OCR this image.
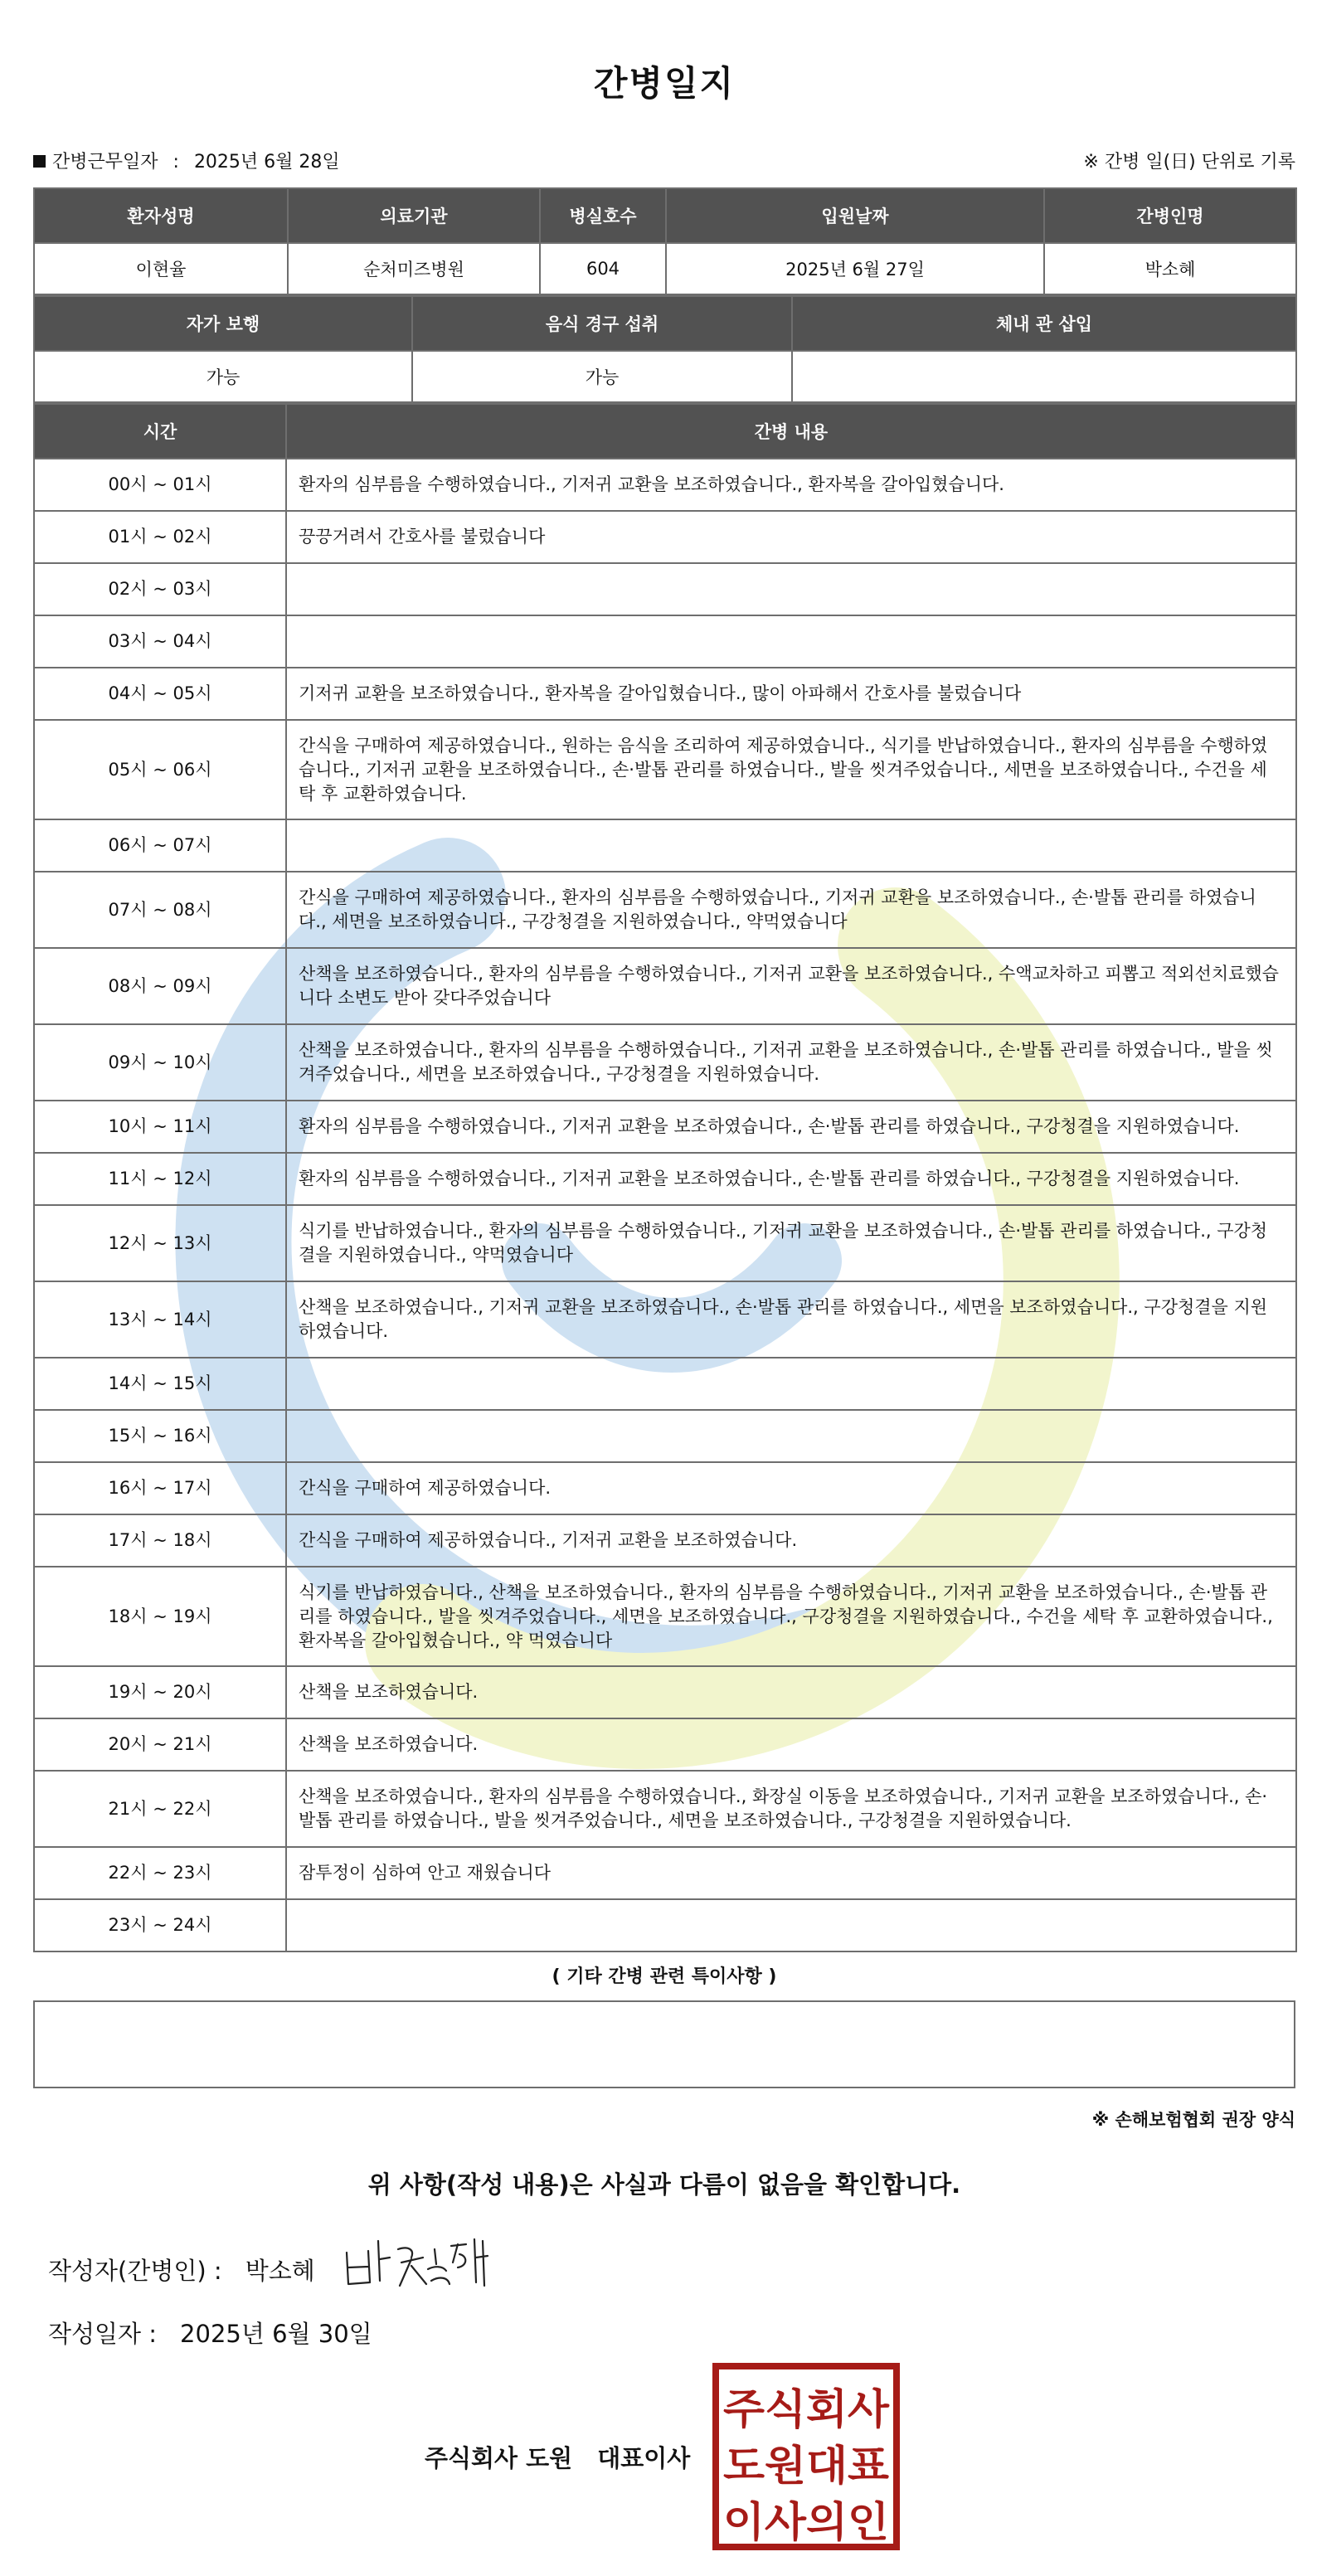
간병일지
간병근무일자 : 2025년 6월 28일	※ 간병 일(日) 단위로 기록
환자성명	의료기관	병실호수	입원날짜	간병인명
이현율	순처미즈병원	604	2025년 6월 27일	박소혜
자가 보행	음식 경구 섭취	체내 관 삽입
가능	가능	
시간	간병 내용
00시 ~ 01시	환자의 심부름을 수행하였습니다., 기저귀 교환을 보조하였습니다., 환자복을 갈아입혔습니다.
01시 ~ 02시	끙끙거려서 간호사를 불렀습니다
02시 ~ 03시	
03시 ~ 04시	
04시 ~ 05시	기저귀 교환을 보조하였습니다., 환자복을 갈아입혔습니다., 많이 아파해서 간호사를 불렀습니다
05시 ~ 06시	간식을 구매하여 제공하였습니다., 원하는 음식을 조리하여 제공하였습니다., 식기를 반납하였습니다., 환자의 심부름을 수행하였습니다., 기저귀 교환을 보조하였습니다., 손·발톱 관리를 하였습니다., 발을 씻겨주었습니다., 세면을 보조하였습니다., 수건을 세탁 후 교환하였습니다.
06시 ~ 07시	
07시 ~ 08시	간식을 구매하여 제공하였습니다., 환자의 심부름을 수행하였습니다., 기저귀 교환을 보조하였습니다., 손·발톱 관리를 하였습니다., 세면을 보조하였습니다., 구강청결을 지원하였습니다., 약먹였습니다
08시 ~ 09시	산책을 보조하였습니다., 환자의 심부름을 수행하였습니다., 기저귀 교환을 보조하였습니다., 수액교차하고 피뽑고 적외선치료했습니다 소변도 받아 갖다주었습니다
09시 ~ 10시	산책을 보조하였습니다., 환자의 심부름을 수행하였습니다., 기저귀 교환을 보조하였습니다., 손·발톱 관리를 하였습니다., 발을 씻겨주었습니다., 세면을 보조하였습니다., 구강청결을 지원하였습니다.
10시 ~ 11시	환자의 심부름을 수행하였습니다., 기저귀 교환을 보조하였습니다., 손·발톱 관리를 하였습니다., 구강청결을 지원하였습니다.
11시 ~ 12시	환자의 심부름을 수행하였습니다., 기저귀 교환을 보조하였습니다., 손·발톱 관리를 하였습니다., 구강청결을 지원하였습니다.
12시 ~ 13시	식기를 반납하였습니다., 환자의 심부름을 수행하였습니다., 기저귀 교환을 보조하였습니다., 손·발톱 관리를 하였습니다., 구강청결을 지원하였습니다., 약먹였습니다
13시 ~ 14시	산책을 보조하였습니다., 기저귀 교환을 보조하였습니다., 손·발톱 관리를 하였습니다., 세면을 보조하였습니다., 구강청결을 지원하였습니다.
14시 ~ 15시	
15시 ~ 16시	
16시 ~ 17시	간식을 구매하여 제공하였습니다.
17시 ~ 18시	간식을 구매하여 제공하였습니다., 기저귀 교환을 보조하였습니다.
18시 ~ 19시	식기를 반납하였습니다., 산책을 보조하였습니다., 환자의 심부름을 수행하였습니다., 기저귀 교환을 보조하였습니다., 손·발톱 관리를 하였습니다., 발을 씻겨주었습니다., 세면을 보조하였습니다., 구강청결을 지원하였습니다., 수건을 세탁 후 교환하였습니다., 환자복을 갈아입혔습니다., 약 먹였습니다
19시 ~ 20시	산책을 보조하였습니다.
20시 ~ 21시	산책을 보조하였습니다.
21시 ~ 22시	산책을 보조하였습니다., 환자의 심부름을 수행하였습니다., 화장실 이동을 보조하였습니다., 기저귀 교환을 보조하였습니다., 손·발톱 관리를 하였습니다., 발을 씻겨주었습니다., 세면을 보조하였습니다., 구강청결을 지원하였습니다.
22시 ~ 23시	잠투정이 심하여 안고 재웠습니다
23시 ~ 24시	
( 기타 간병 관련 특이사항 )
※ 손해보험협회 권장 양식
위 사항(작성 내용)은 사실과 다름이 없음을 확인합니다.
작성자(간병인) : 박소혜
작성일자 : 2025년 6월 30일
주식회사 도원 대표이사
주식회사
도원대표
이사의인
